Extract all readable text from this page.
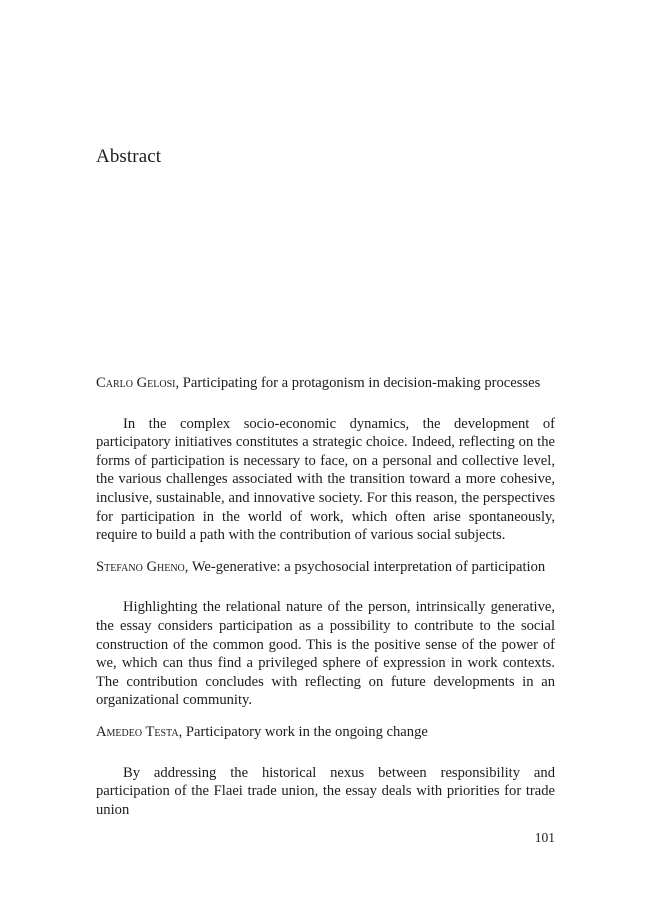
Abstract

Carlo Gelosi, Participating for a protagonism in decision-making processes

In the complex socio-economic dynamics, the development of participatory initiatives constitutes a strategic choice. Indeed, reflecting on the forms of participation is necessary to face, on a personal and collective level, the various challenges associated with the transition toward a more cohesive, inclusive, sustainable, and innovative society. For this reason, the perspectives for participation in the world of work, which often arise spontaneously, require to build a path with the contribution of various social subjects.

Stefano Gheno, We-generative: a psychosocial interpretation of participation

Highlighting the relational nature of the person, intrinsically generative, the essay considers participation as a possibility to contribute to the social construction of the common good. This is the positive sense of the power of we, which can thus find a privileged sphere of expression in work contexts. The contribution concludes with reflecting on future developments in an organizational community.

Amedeo Testa, Participatory work in the ongoing change

By addressing the historical nexus between responsibility and participation of the Flaei trade union, the essay deals with priorities for trade union

101
